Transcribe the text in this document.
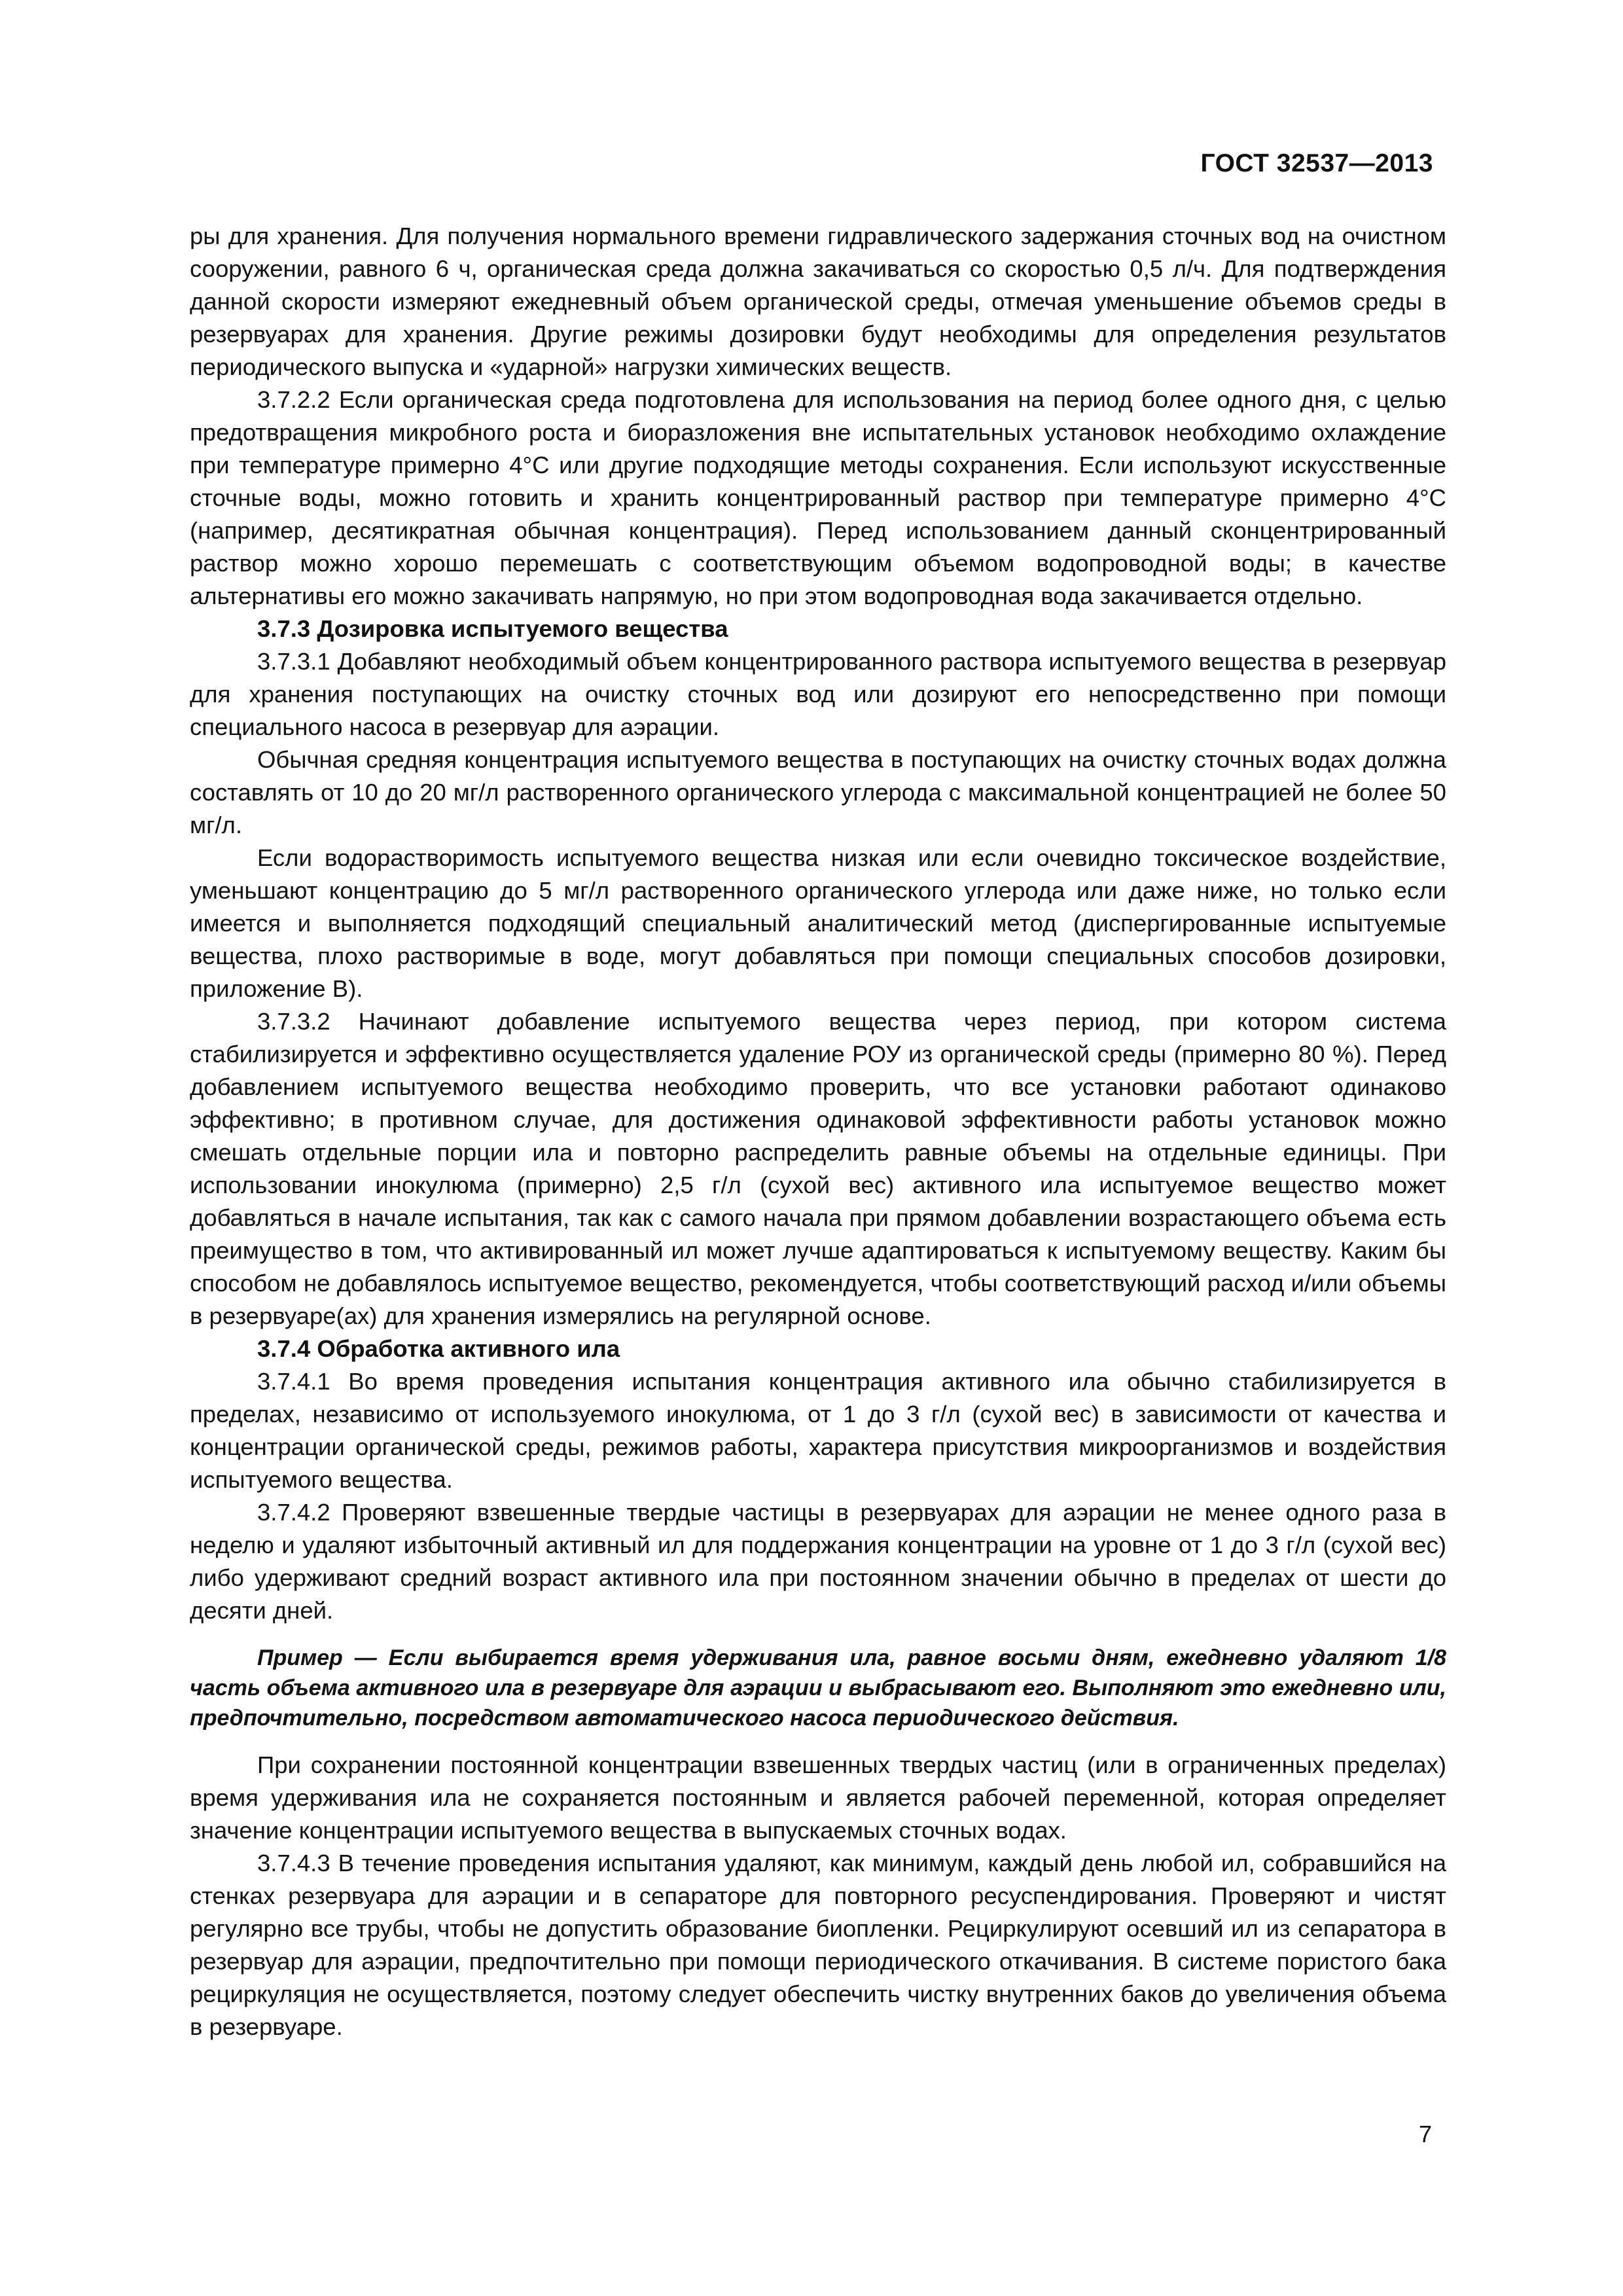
ГОСТ 32537—2013

ры для хранения. Для получения нормального времени гидравлического задержания сточных вод на очистном сооружении, равного 6 ч, органическая среда должна закачиваться со скоростью 0,5 л/ч. Для подтверждения данной скорости измеряют ежедневный объем органической среды, отмечая уменьшение объемов среды в резервуарах для хранения. Другие режимы дозировки будут необходимы для определения результатов периодического выпуска и «ударной» нагрузки химических веществ.

3.7.2.2 Если органическая среда подготовлена для использования на период более одного дня, с целью предотвращения микробного роста и биоразложения вне испытательных установок необходимо охлаждение при температуре примерно 4°С или другие подходящие методы сохранения. Если используют искусственные сточные воды, можно готовить и хранить концентрированный раствор при температуре примерно 4°С (например, десятикратная обычная концентрация). Перед использованием данный сконцентрированный раствор можно хорошо перемешать с соответствующим объемом водопроводной воды; в качестве альтернативы его можно закачивать напрямую, но при этом водопроводная вода закачивается отдельно.

3.7.3 Дозировка испытуемого вещества

3.7.3.1 Добавляют необходимый объем концентрированного раствора испытуемого вещества в резервуар для хранения поступающих на очистку сточных вод или дозируют его непосредственно при помощи специального насоса в резервуар для аэрации.

Обычная средняя концентрация испытуемого вещества в поступающих на очистку сточных водах должна составлять от 10 до 20 мг/л растворенного органического углерода с максимальной концентрацией не более 50 мг/л.

Если водорастворимость испытуемого вещества низкая или если очевидно токсическое воздействие, уменьшают концентрацию до 5 мг/л растворенного органического углерода или даже ниже, но только если имеется и выполняется подходящий специальный аналитический метод (диспергированные испытуемые вещества, плохо растворимые в воде, могут добавляться при помощи специальных способов дозировки, приложение В).

3.7.3.2 Начинают добавление испытуемого вещества через период, при котором система стабилизируется и эффективно осуществляется удаление РОУ из органической среды (примерно 80 %). Перед добавлением испытуемого вещества необходимо проверить, что все установки работают одинаково эффективно; в противном случае, для достижения одинаковой эффективности работы установок можно смешать отдельные порции ила и повторно распределить равные объемы на отдельные единицы. При использовании инокулюма (примерно) 2,5 г/л (сухой вес) активного ила испытуемое вещество может добавляться в начале испытания, так как с самого начала при прямом добавлении возрастающего объема есть преимущество в том, что активированный ил может лучше адаптироваться к испытуемому веществу. Каким бы способом не добавлялось испытуемое вещество, рекомендуется, чтобы соответствующий расход и/или объемы в резервуаре(ах) для хранения измерялись на регулярной основе.

3.7.4 Обработка активного ила

3.7.4.1 Во время проведения испытания концентрация активного ила обычно стабилизируется в пределах, независимо от используемого инокулюма, от 1 до 3 г/л (сухой вес) в зависимости от качества и концентрации органической среды, режимов работы, характера присутствия микроорганизмов и воздействия испытуемого вещества.

3.7.4.2 Проверяют взвешенные твердые частицы в резервуарах для аэрации не менее одного раза в неделю и удаляют избыточный активный ил для поддержания концентрации на уровне от 1 до 3 г/л (сухой вес) либо удерживают средний возраст активного ила при постоянном значении обычно в пределах от шести до десяти дней.

Пример — Если выбирается время удерживания ила, равное восьми дням, ежедневно удаляют 1/8 часть объема активного ила в резервуаре для аэрации и выбрасывают его. Выполняют это ежедневно или, предпочтительно, посредством автоматического насоса периодического действия.

При сохранении постоянной концентрации взвешенных твердых частиц (или в ограниченных пределах) время удерживания ила не сохраняется постоянным и является рабочей переменной, которая определяет значение концентрации испытуемого вещества в выпускаемых сточных водах.

3.7.4.3 В течение проведения испытания удаляют, как минимум, каждый день любой ил, собравшийся на стенках резервуара для аэрации и в сепараторе для повторного ресуспендирования. Проверяют и чистят регулярно все трубы, чтобы не допустить образование биопленки. Рециркулируют осевший ил из сепаратора в резервуар для аэрации, предпочтительно при помощи периодического откачивания. В системе пористого бака рециркуляция не осуществляется, поэтому следует обеспечить чистку внутренних баков до увеличения объема в резервуаре.

7
